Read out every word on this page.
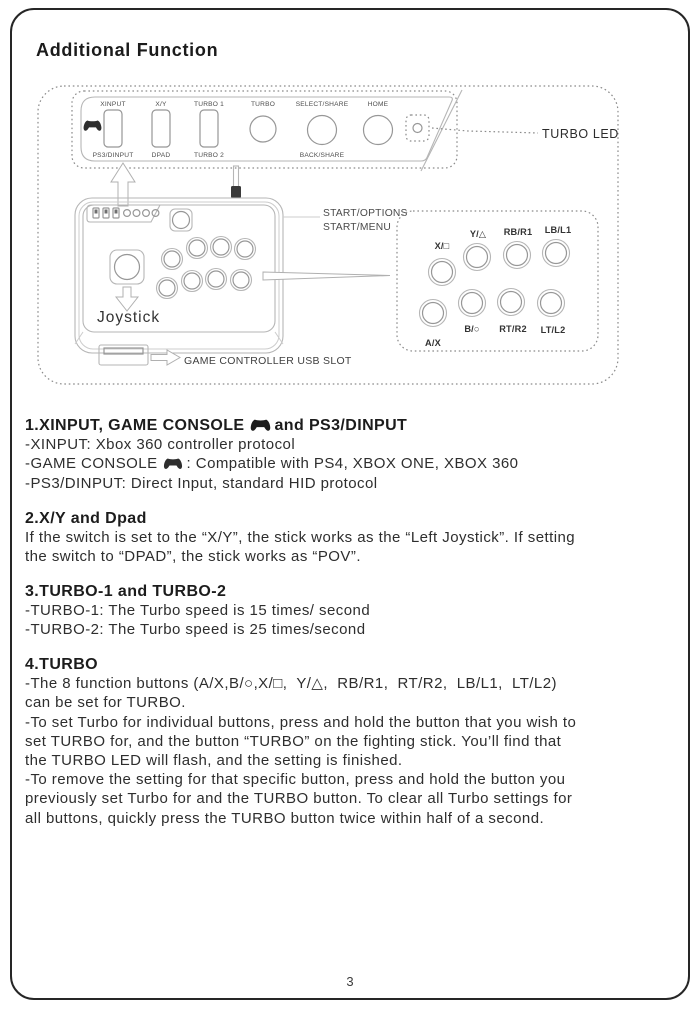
Additional Function
XINPUT	X/Y	TURBO 1	TURBO	SELECT/SHARE	HOME
PS3/DINPUT	DPAD	TURBO 2	BACK/SHARE
TURBO LED
Joystick
GAME CONTROLLER USB SLOT
START/OPTIONS
START/MENU
X/□
Y/△ RB/R1 LB/L1
A/X
B/○ RT/R2 LT/L2
1.XINPUT, GAME CONSOLE and PS3/DINPUT
-XINPUT: Xbox 360 controller protocol
-GAME CONSOLE : Compatible with PS4, XBOX ONE, XBOX 360
-PS3/DINPUT: Direct Input, standard HID protocol
2.X/Y and Dpad
If the switch is set to the “X/Y”, the stick works as the “Left Joystick”. If setting
the switch to “DPAD”, the stick works as “POV”.
3.TURBO-1 and TURBO-2
-TURBO-1: The Turbo speed is 15 times/ second
-TURBO-2: The Turbo speed is 25 times/second
4.TURBO
-The 8 function buttons (A/X,B/○,X/□,  Y/△,  RB/R1,  RT/R2,  LB/L1,  LT/L2)
can be set for TURBO.
-To set Turbo for individual buttons, press and hold the button that you wish to
set TURBO for, and the button “TURBO” on the fighting stick. You’ll find that
the TURBO LED will flash, and the setting is finished.
-To remove the setting for that specific button, press and hold the button you
previously set Turbo for and the TURBO button. To clear all Turbo settings for
all buttons, quickly press the TURBO button twice within half of a second.
3
